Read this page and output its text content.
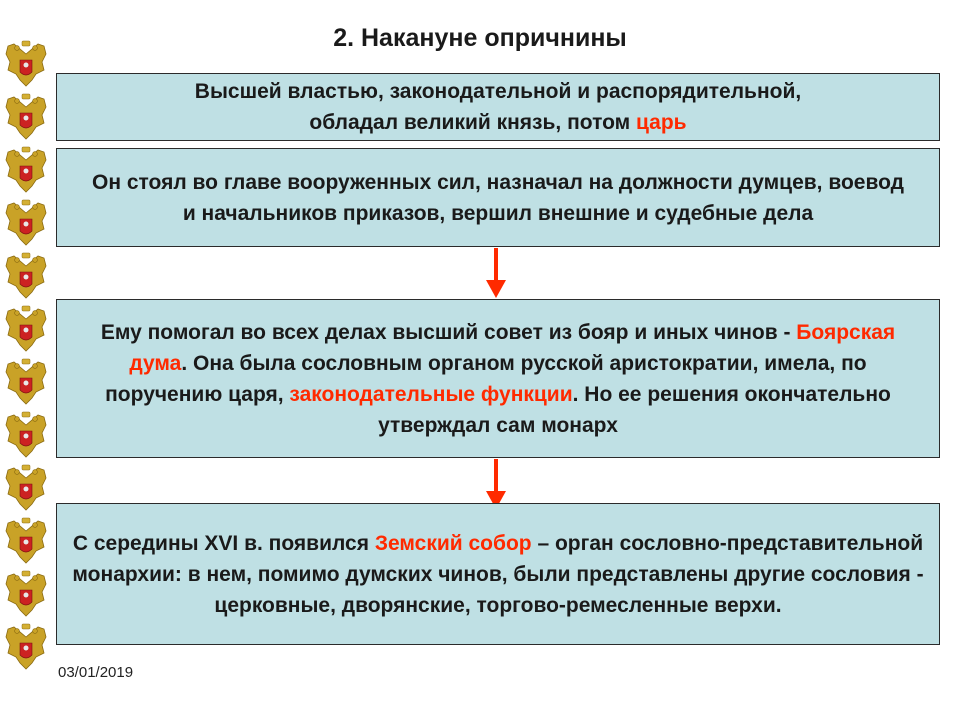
2. Накануне опричнины

Высшей властью, законодательной и распорядительной,
обладал великий князь, потом царь

Он стоял во главе вооруженных сил, назначал на должности думцев, воевод и начальников приказов, вершил внешние и судебные дела

Ему помогал во всех делах высший совет из бояр и иных чинов - Боярская дума. Она была сословным органом русской аристократии, имела, по поручению царя, законодательные функции. Но ее решения окончательно утверждал сам монарх

С середины XVI в. появился Земский собор – орган сословно-представительной монархии: в нем, помимо думских чинов, были представлены другие сословия - церковные, дворянские, торгово-ремесленные верхи.

03/01/2019
